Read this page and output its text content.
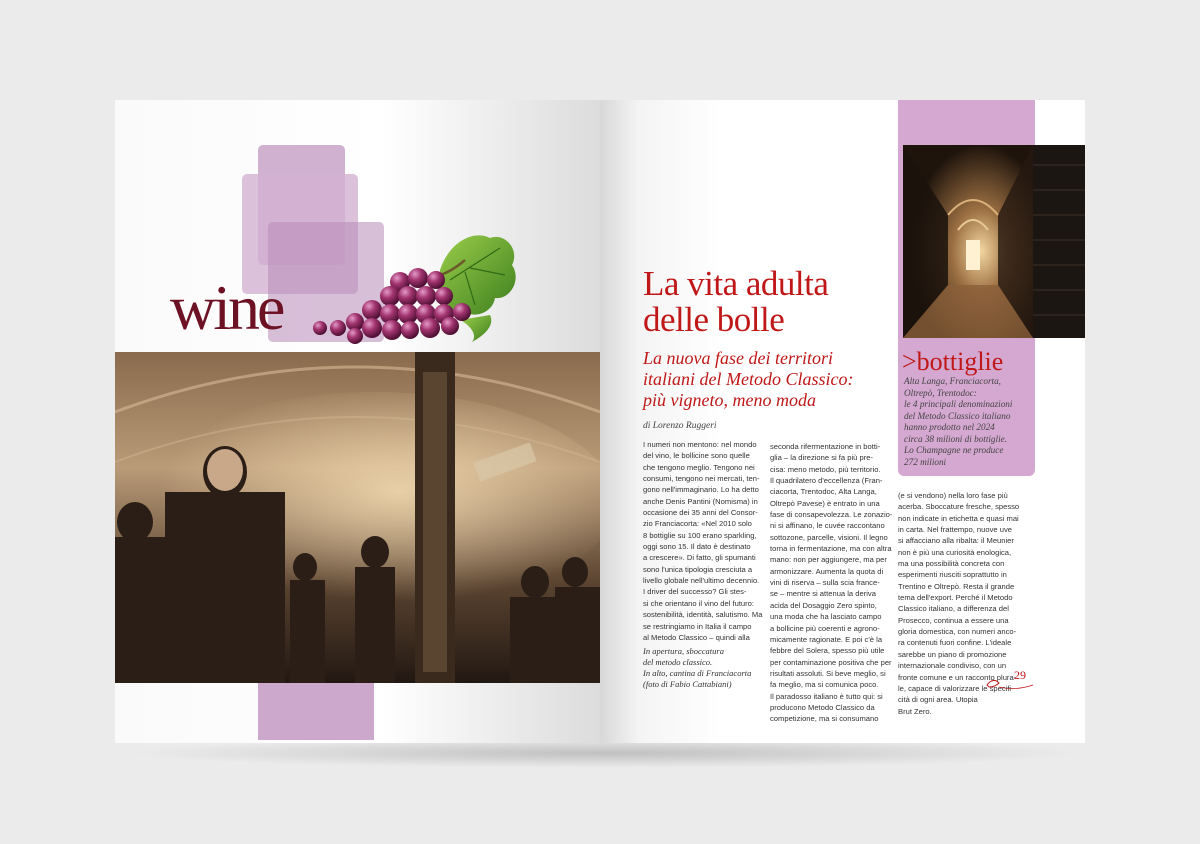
wine
In apertura, sboccatura
del metodo classico.
In alto, cantina di Franciacorta
(foto di Fabio Cattabiani)
La vita adulta
delle bolle
La nuova fase dei territori
italiani del Metodo Classico:
più vigneto, meno moda
di Lorenzo Ruggeri
I numeri non mentono: nel mondo
del vino, le bollicine sono quelle
che tengono meglio. Tengono nei
consumi, tengono nei mercati, ten-
gono nell'immaginario. Lo ha detto
anche Denis Pantini (Nomisma) in
occasione dei 35 anni del Consor-
zio Franciacorta: «Nel 2010 solo
8 bottiglie su 100 erano sparkling,
oggi sono 15. Il dato è destinato
a crescere». Di fatto, gli spumanti
sono l'unica tipologia cresciuta a
livello globale nell'ultimo decennio.
I driver del successo? Gli stes-
si che orientano il vino del futuro:
sostenibilità, identità, salutismo. Ma
se restringiamo in Italia il campo
al Metodo Classico – quindi alla
seconda rifermentazione in botti-
glia – la direzione si fa più pre-
cisa: meno metodo, più territorio.
Il quadrilatero d'eccellenza (Fran-
ciacorta, Trentodoc, Alta Langa,
Oltrepò Pavese) è entrato in una
fase di consapevolezza. Le zonazio-
ni si affinano, le cuvée raccontano
sottozone, parcelle, visioni. Il legno
torna in fermentazione, ma con altra
mano: non per aggiungere, ma per
armonizzare. Aumenta la quota di
vini di riserva – sulla scia france-
se – mentre si attenua la deriva
acida del Dosaggio Zero spinto,
una moda che ha lasciato campo
a bollicine più coerenti e agrono-
micamente ragionate. E poi c'è la
febbre del Solera, spesso più utile
per contaminazione positiva che per
risultati assoluti. Si beve meglio, si
fa meglio, ma si comunica poco.
Il paradosso italiano è tutto qui: si
producono Metodo Classico da
competizione, ma si consumano
>bottiglie
Alta Langa, Franciacorta,
Oltrepò, Trentodoc:
le 4 principali denominazioni
del Metodo Classico italiano
hanno prodotto nel 2024
circa 38 milioni di bottiglie.
Lo Champagne ne produce
272 milioni
(e si vendono) nella loro fase più
acerba. Sboccature fresche, spesso
non indicate in etichetta e quasi mai
in carta. Nel frattempo, nuove uve
si affacciano alla ribalta: il Meunier
non è più una curiosità enologica,
ma una possibilità concreta con
esperimenti riusciti soprattutto in
Trentino e Oltrepò. Resta il grande
tema dell'export. Perché il Metodo
Classico italiano, a differenza del
Prosecco, continua a essere una
gloria domestica, con numeri anco-
ra contenuti fuori confine. L'ideale
sarebbe un piano di promozione
internazionale condiviso, con un
fronte comune e un racconto plura-
le, capace di valorizzare le specifi-
cità di ogni area. Utopia
Brut Zero.
29
